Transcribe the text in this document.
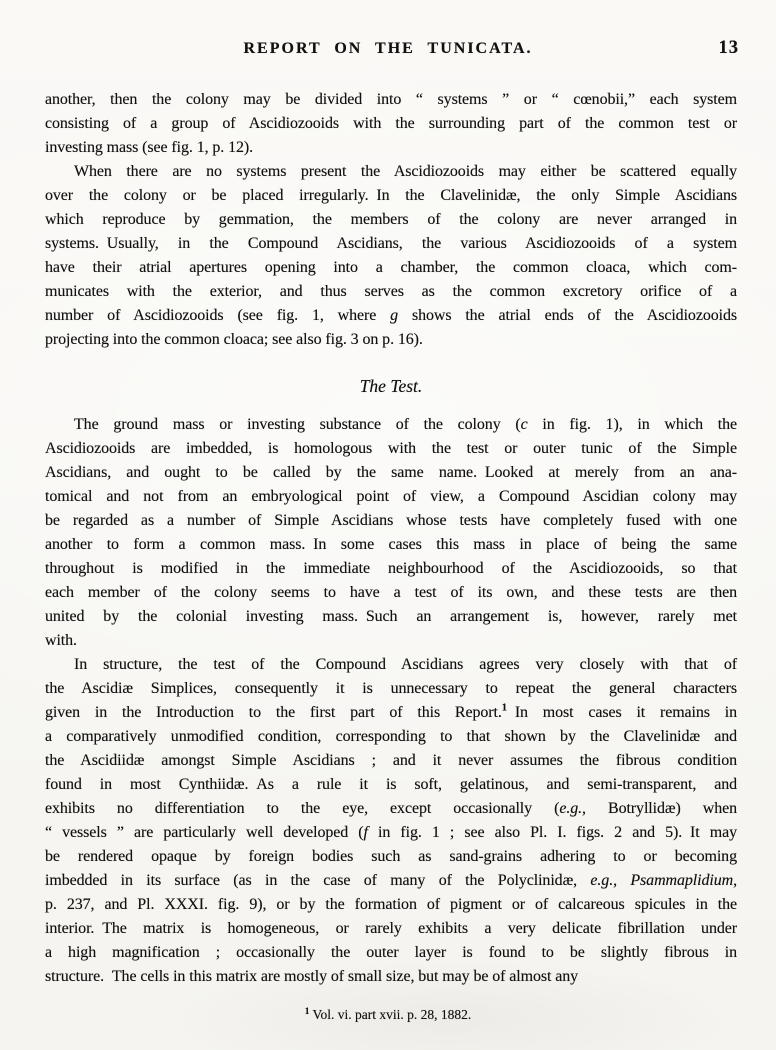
REPORT ON THE TUNICATA.	13
another, then the colony may be divided into “ systems ” or “ cœnobii,” each system
consisting of a group of Ascidiozooids with the surrounding part of the common test or
investing mass (see fig. 1, p. 12).
When there are no systems present the Ascidiozooids may either be scattered equally
over the colony or be placed irregularly. In the Clavelinidæ, the only Simple Ascidians
which reproduce by gemmation, the members of the colony are never arranged in
systems. Usually, in the Compound Ascidians, the various Ascidiozooids of a system
have their atrial apertures opening into a chamber, the common cloaca, which com-
municates with the exterior, and thus serves as the common excretory orifice of a
number of Ascidiozooids (see fig. 1, where g shows the atrial ends of the Ascidiozooids
projecting into the common cloaca; see also fig. 3 on p. 16).
The Test.
The ground mass or investing substance of the colony (c in fig. 1), in which the
Ascidiozooids are imbedded, is homologous with the test or outer tunic of the Simple
Ascidians, and ought to be called by the same name. Looked at merely from an ana-
tomical and not from an embryological point of view, a Compound Ascidian colony may
be regarded as a number of Simple Ascidians whose tests have completely fused with one
another to form a common mass. In some cases this mass in place of being the same
throughout is modified in the immediate neighbourhood of the Ascidiozooids, so that
each member of the colony seems to have a test of its own, and these tests are then
united by the colonial investing mass. Such an arrangement is, however, rarely met
with.
In structure, the test of the Compound Ascidians agrees very closely with that of
the Ascidiæ Simplices, consequently it is unnecessary to repeat the general characters
given in the Introduction to the first part of this Report.$^1$ In most cases it remains in
a comparatively unmodified condition, corresponding to that shown by the Clavelinidæ and
the Ascidiidæ amongst Simple Ascidians ; and it never assumes the fibrous condition
found in most Cynthiidæ. As a rule it is soft, gelatinous, and semi-transparent, and
exhibits no differentiation to the eye, except occasionally (e.g., Botryllidæ) when
“ vessels ” are particularly well developed (f in fig. 1 ; see also Pl. I. figs. 2 and 5). It may
be rendered opaque by foreign bodies such as sand-grains adhering to or becoming
imbedded in its surface (as in the case of many of the Polyclinidæ, e.g., Psammaplidium,
p. 237, and Pl. XXXI. fig. 9), or by the formation of pigment or of calcareous spicules in the
interior. The matrix is homogeneous, or rarely exhibits a very delicate fibrillation under
a high magnification ; occasionally the outer layer is found to be slightly fibrous in
structure. The cells in this matrix are mostly of small size, but may be of almost any
$^1$ Vol. vi. part xvii. p. 28, 1882.
